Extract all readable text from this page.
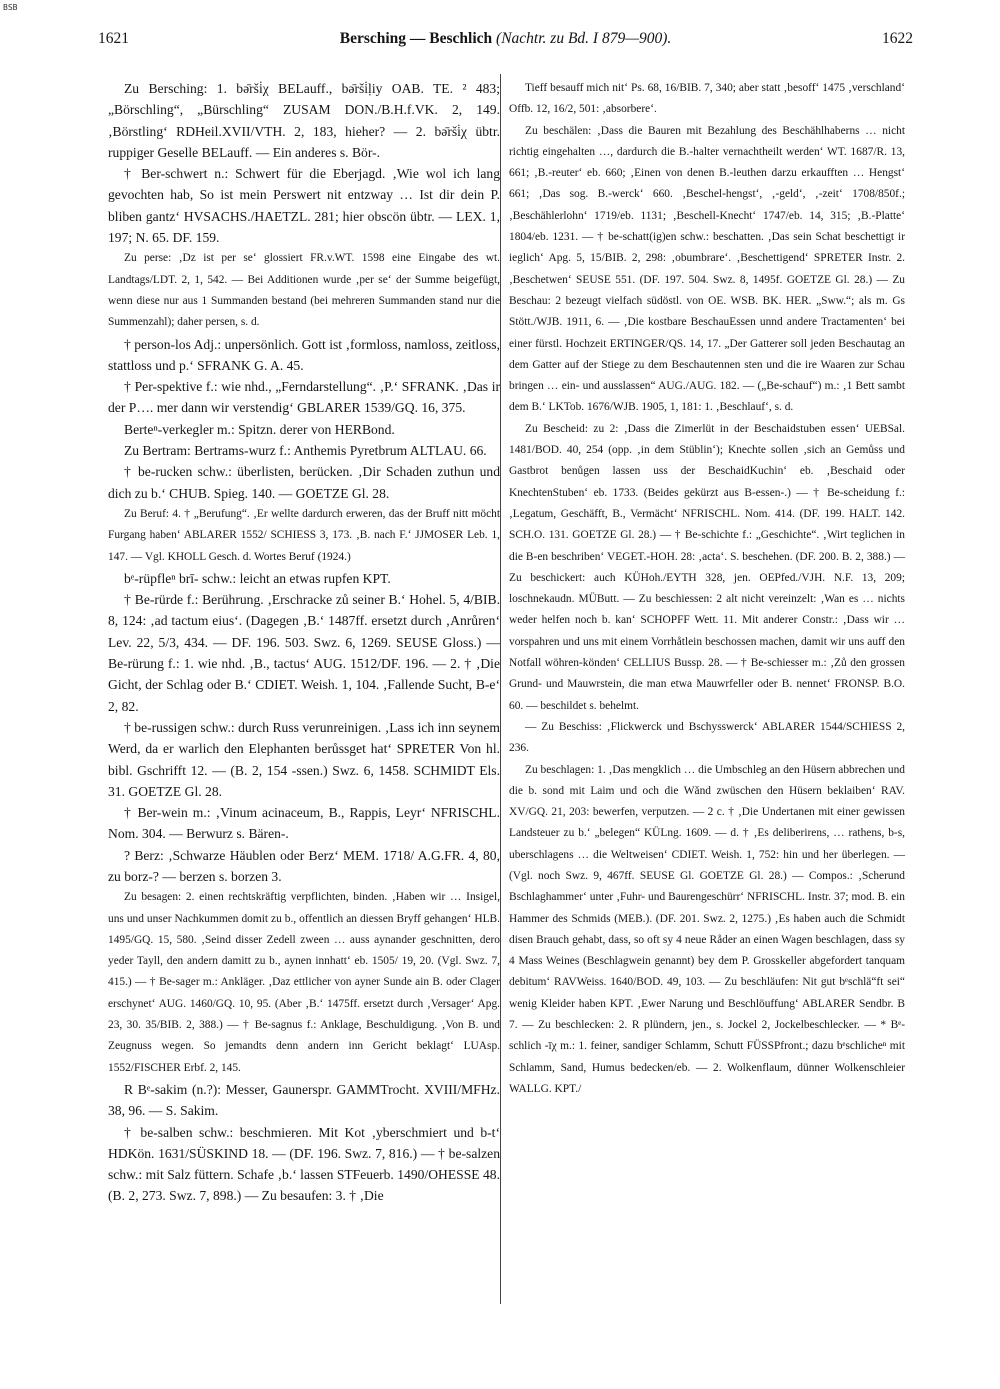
BSB
1621	Bersching — Beschlich (Nachtr. zu Bd. I 879—900).	1622

Zu Bersching: 1. bə̄rši̇χ BELauff., bə̄rši̇ḷiy OAB. TE. ² 483; „Börschling“, „Bürschling“ ZUSAM DON./B.H.f.VK. 2, 149. ‚Börstling‘ RDHeil.XVII/VTH. 2, 183, hieher? — 2. bə̄rši̇χ übtr. ruppiger Geselle BELauff. — Ein anderes s. Bör-.

† Ber-schwert n.: Schwert für die Eberjagd. ‚Wie wol ich lang gevochten hab, So ist mein Perswert nit entzway … Ist dir dein P. bliben gantz‘ HVSACHS./HAETZL. 281; hier obscön übtr. — LEX. 1, 197; N. 65. DF. 159.

Zu perse: ‚Dz ist per se‘ glossiert FR.v.WT. 1598 eine Eingabe des wt. Landtags/LDT. 2, 1, 542. — Bei Additionen wurde ‚per se‘ der Summe beigefügt, wenn diese nur aus 1 Summanden bestand (bei mehreren Summanden stand nur die Summenzahl); daher persen, s. d.

† person-los Adj.: unpersönlich. Gott ist ‚formloss, namloss, zeitloss, stattloss und p.‘ SFRANK G. A. 45.

† Per-spektive f.: wie nhd., „Ferndarstellung“. ‚P.‘ SFRANK. ‚Das ir der P…. mer dann wir verstendig‘ GBLARER 1539/GQ. 16, 375.

Berteⁿ-verkegler m.: Spitzn. derer von HERBond.

Zu Bertram: Bertrams-wurz f.: Anthemis Pyretbrum ALTLAU. 66.

† be-rucken schw.: überlisten, berücken. ‚Dir Schaden zuthun und dich zu b.‘ CHUB. Spieg. 140. — GOETZE Gl. 28.

Zu Beruf: 4. † „Berufung“. ‚Er wellte dardurch erweren, das der Bruff nitt möcht Furgang haben‘ ABLARER 1552/ SCHIESS 3, 173. ‚B. nach F.‘ JJMOSER Leb. 1, 147. — Vgl. KHOLL Gesch. d. Wortes Beruf (1924.)

bᵉ-rüpfleⁿ brī- schw.: leicht an etwas rupfen KPT.

† Be-rürde f.: Berührung. ‚Erschracke zů seiner B.‘ Hohel. 5, 4/BIB. 8, 124: ‚ad tactum eius‘. (Dagegen ‚B.‘ 1487ff. ersetzt durch ‚Anrůren‘ Lev. 22, 5/3, 434. — DF. 196. 503. Swz. 6, 1269. SEUSE Gloss.) — Be-rürung f.: 1. wie nhd. ‚B., tactus‘ AUG. 1512/DF. 196. — 2. † ‚Die Gicht, der Schlag oder B.‘ CDIET. Weish. 1, 104. ‚Fallende Sucht, B-e‘ 2, 82.

† be-russigen schw.: durch Russ verunreinigen. ‚Lass ich inn seynem Werd, da er warlich den Elephanten berůssget hat‘ SPRETER Von hl. bibl. Gschrifft 12. — (B. 2, 154 -ssen.) Swz. 6, 1458. SCHMIDT Els. 31. GOETZE Gl. 28.

† Ber-wein m.: ‚Vinum acinaceum, B., Rappis, Leyr‘ NFRISCHL. Nom. 304. — Berwurz s. Bären-.

? Berz: ‚Schwarze Häublen oder Berz‘ MEM. 1718/ A.G.FR. 4, 80, zu borz-? — berzen s. borzen 3.

Zu besagen: 2. einen rechtskräftig verpflichten, binden. ‚Haben wir … Insigel, uns und unser Nachkummen domit zu b., offentlich an diessen Bryff gehangen‘ HLB. 1495/GQ. 15, 580. ‚Seind disser Zedell zween … auss aynander geschnitten, dero yeder Tayll, den andern damitt zu b., aynen innhatt‘ eb. 1505/ 19, 20. (Vgl. Swz. 7, 415.) — † Be-sager m.: Ankläger. ‚Daz ettlicher von ayner Sunde ain B. oder Clager erschynet‘ AUG. 1460/GQ. 10, 95. (Aber ‚B.‘ 1475ff. ersetzt durch ‚Versager‘ Apg. 23, 30. 35/BIB. 2, 388.) — † Be-sagnus f.: Anklage, Beschuldigung. ‚Von B. und Zeugnuss wegen. So jemandts denn andern inn Gericht beklagt‘ LUAsp. 1552/FISCHER Erbf. 2, 145.

R Bᵉ-sakim (n.?): Messer, Gaunerspr. GAMMTrocht. XVIII/MFHz. 38, 96. — S. Sakim.

† be-salben schw.: beschmieren. Mit Kot ‚yberschmiert und b-t‘ HDKön. 1631/SÜSKIND 18. — (DF. 196. Swz. 7, 816.) — † be-salzen schw.: mit Salz füttern. Schafe ‚b.‘ lassen STFeuerb. 1490/OHESSE 48. (B. 2, 273. Swz. 7, 898.) — Zu besaufen: 3. † ‚Die

Tieff besauff mich nit‘ Ps. 68, 16/BIB. 7, 340; aber statt ‚besoff‘ 1475 ‚verschland‘ Offb. 12, 16/2, 501: ‚absorbere‘.

Zu beschälen: ‚Dass die Bauren mit Bezahlung des Beschählhaberns … nicht richtig eingehalten …, dardurch die B.-halter vernachtheilt werden‘ WT. 1687/R. 13, 661; ‚B.-reuter‘ eb. 660; ‚Einen von denen B.-leuthen darzu erkaufften … Hengst‘ 661; ‚Das sog. B.-werck‘ 660. ‚Beschel-hengst‘, ‚-geld‘, ‚-zeit‘ 1708/850f.; ‚Beschählerlohn‘ 1719/eb. 1131; ‚Beschell-Knecht‘ 1747/eb. 14, 315; ‚B.-Platte‘ 1804/eb. 1231. — † be-schatt(ig)en schw.: beschatten. ‚Das sein Schat beschettigt ir ieglich‘ Apg. 5, 15/BIB. 2, 298: ‚obumbrare‘. ‚Beschettigend‘ SPRETER Instr. 2. ‚Beschetwen‘ SEUSE 551. (DF. 197. 504. Swz. 8, 1495f. GOETZE Gl. 28.) — Zu Beschau: 2 bezeugt vielfach südöstl. von OE. WSB. BK. HER. „Sww.“; als m. Gs Stött./WJB. 1911, 6. — ‚Die kostbare BeschauEssen unnd andere Tractamenten‘ bei einer fürstl. Hochzeit ERTINGER/QS. 14, 17. „Der Gatterer soll jeden Beschautag an dem Gatter auf der Stiege zu dem Beschautennen sten und die ire Waaren zur Schau bringen … ein- und ausslassen“ AUG./AUG. 182. — („Be-schauf“) m.: ‚1 Bett sambt dem B.‘ LKTob. 1676/WJB. 1905, 1, 181: 1. ‚Beschlauf‘, s. d.

Zu Bescheid: zu 2: ‚Dass die Zimerlüt in der Beschaidstuben essen‘ UEBSal. 1481/BOD. 40, 254 (opp. ‚in dem Stüblin‘); Knechte sollen ‚sich an Gemůss und Gastbrot benůgen lassen uss der BeschaidKuchin‘ eb. ‚Beschaid oder KnechtenStuben‘ eb. 1733. (Beides gekürzt aus B-essen-.) — † Be-scheidung f.: ‚Legatum, Geschäfft, B., Vermächt‘ NFRISCHL. Nom. 414. (DF. 199. HALT. 142. SCH.O. 131. GOETZE Gl. 28.) — † Be-schichte f.: „Geschichte“. ‚Wirt teglichen in die B-en beschriben‘ VEGET.-HOH. 28: ‚acta‘. S. beschehen. (DF. 200. B. 2, 388.) — Zu beschickert: auch KÜHoh./EYTH 328, jen. OEPfed./VJH. N.F. 13, 209; loschnekaudn. MÜButt. — Zu beschiessen: 2 alt nicht vereinzelt: ‚Wan es … nichts weder helfen noch b. kan‘ SCHOPFF Wett. 11. Mit anderer Constr.: ‚Dass wir … vorspahren und uns mit einem Vorrhåtlein beschossen machen, damit wir uns auff den Notfall wöhren-könden‘ CELLIUS Bussp. 28. — † Be-schiesser m.: ‚Zů den grossen Grund- und Mauwrstein, die man etwa Mauwrfeller oder B. nennet‘ FRONSP. B.O. 60. — beschildet s. behelmt.

— Zu Beschiss: ‚Flickwerck und Bschysswerck‘ ABLARER 1544/SCHIESS 2, 236.

Zu beschlagen: 1. ‚Das mengklich … die Umbschleg an den Hüsern abbrechen und die b. sond mit Laim und och die Wǎnd zwüschen den Hüsern beklaiben‘ RAV. XV/GQ. 21, 203: bewerfen, verputzen. — 2 c. † ‚Die Undertanen mit einer gewissen Landsteuer zu b.‘ „belegen“ KÜLng. 1609. — d. † ‚Es deliberirens, … rathens, b-s, uberschlagens … die Weltweisen‘ CDIET. Weish. 1, 752: hin und her überlegen. — (Vgl. noch Swz. 9, 467ff. SEUSE Gl. GOETZE Gl. 28.) — Compos.: ‚Scherund Bschlaghammer‘ unter ‚Fuhr- und Baurengeschürr‘ NFRISCHL. Instr. 37; mod. B. ein Hammer des Schmids (MEB.). (DF. 201. Swz. 2, 1275.) ‚Es haben auch die Schmidt disen Brauch gehabt, dass, so oft sy 4 neue Råder an einen Wagen beschlagen, dass sy 4 Mass Weines (Beschlagwein genannt) bey dem P. Grosskeller abgefordert tanquam debitum‘ RAVWeiss. 1640/BOD. 49, 103. — Zu beschläufen: Nit gut bᵉschlä“ft sei“ wenig Kleider haben KPT. ‚Ewer Narung und Beschlöuffung‘ ABLARER Sendbr. B 7. — Zu beschlecken: 2. R plündern, jen., s. Jockel 2, Jockelbeschlecker. — * Bᵉ-schlich -īχ m.: 1. feiner, sandiger Schlamm, Schutt FÜSSPfront.; dazu bᵉschlicheⁿ mit Schlamm, Sand, Humus bedecken/eb. — 2. Wolkenflaum, dünner Wolkenschleier WALLG. KPT./
